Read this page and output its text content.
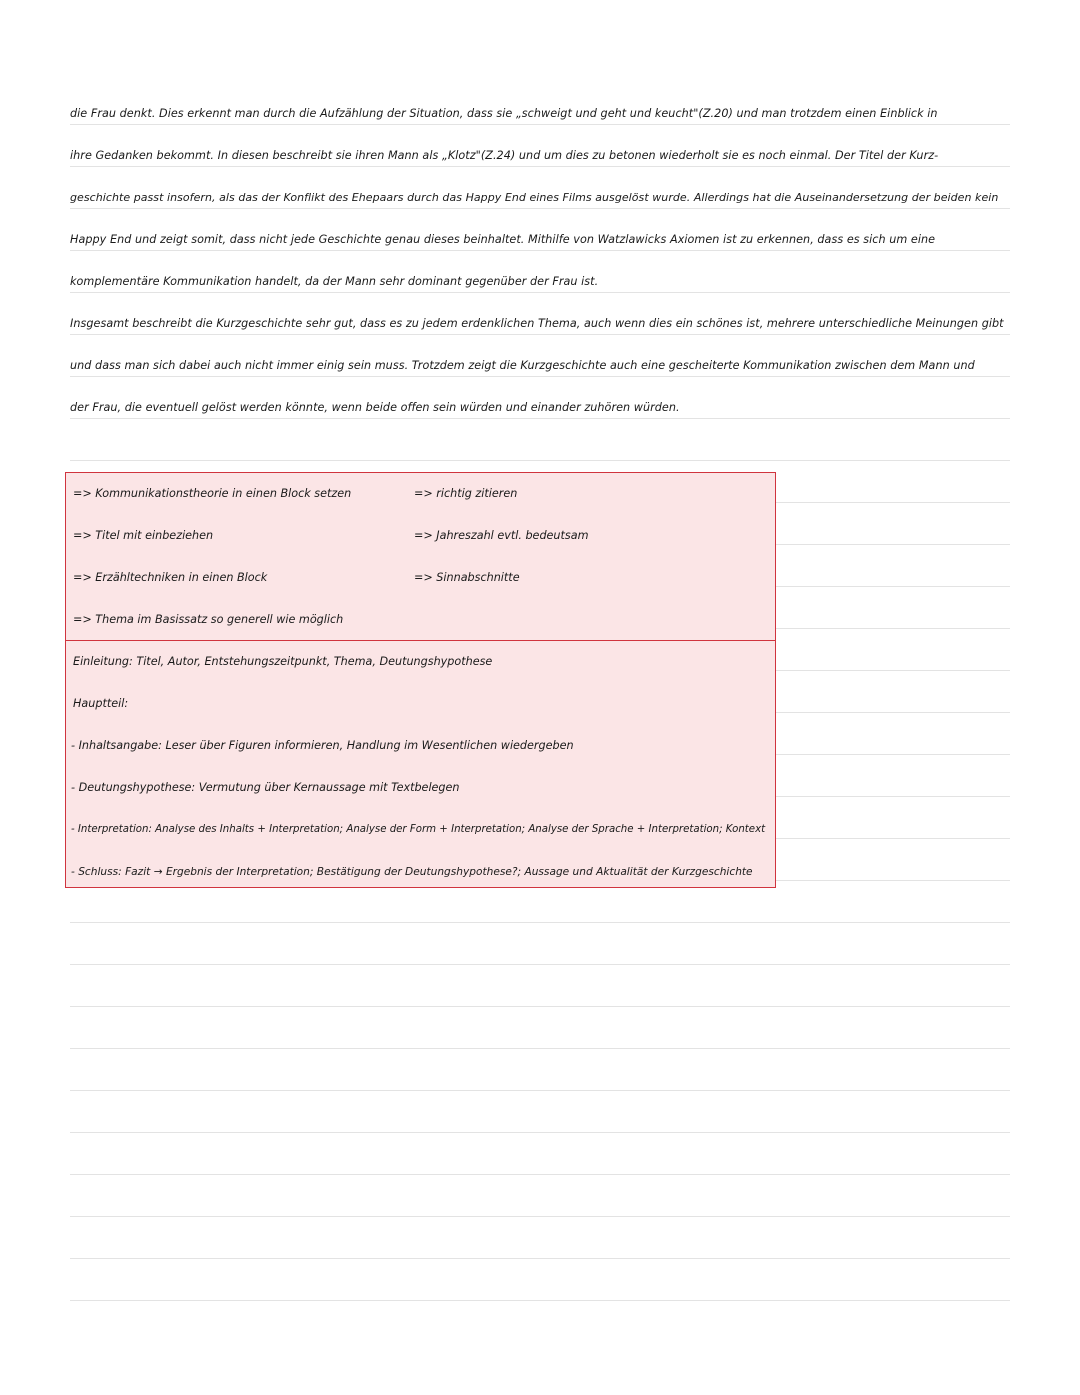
die Frau denkt. Dies erkennt man durch die Aufzählung der Situation, dass sie „schweigt und geht und keucht"(Z.20) und man trotzdem einen Einblick in
ihre Gedanken bekommt. In diesen beschreibt sie ihren Mann als „Klotz"(Z.24) und um dies zu betonen wiederholt sie es noch einmal. Der Titel der Kurz-
geschichte passt insofern, als das der Konflikt des Ehepaars durch das Happy End eines Films ausgelöst wurde. Allerdings hat die Auseinandersetzung der beiden kein
Happy End und zeigt somit, dass nicht jede Geschichte genau dieses beinhaltet. Mithilfe von Watzlawicks Axiomen ist zu erkennen, dass es sich um eine
komplementäre Kommunikation handelt, da der Mann sehr dominant gegenüber der Frau ist.
Insgesamt beschreibt die Kurzgeschichte sehr gut, dass es zu jedem erdenklichen Thema, auch wenn dies ein schönes ist, mehrere unterschiedliche Meinungen gibt
und dass man sich dabei auch nicht immer einig sein muss. Trotzdem zeigt die Kurzgeschichte auch eine gescheiterte Kommunikation zwischen dem Mann und
der Frau, die eventuell gelöst werden könnte, wenn beide offen sein würden und einander zuhören würden.
=> Kommunikationstheorie in einen Block setzen
=> Titel mit einbeziehen
=> Erzähltechniken in einen Block
=> Thema im Basissatz so generell wie möglich
=> richtig zitieren
=> Jahreszahl evtl. bedeutsam
=> Sinnabschnitte
Einleitung: Titel, Autor, Entstehungszeitpunkt, Thema, Deutungshypothese
Hauptteil:
- Inhaltsangabe: Leser über Figuren informieren, Handlung im Wesentlichen wiedergeben
- Deutungshypothese: Vermutung über Kernaussage mit Textbelegen
- Interpretation: Analyse des Inhalts + Interpretation; Analyse der Form + Interpretation; Analyse der Sprache + Interpretation; Kontext
- Schluss: Fazit → Ergebnis der Interpretation; Bestätigung der Deutungshypothese?; Aussage und Aktualität der Kurzgeschichte
